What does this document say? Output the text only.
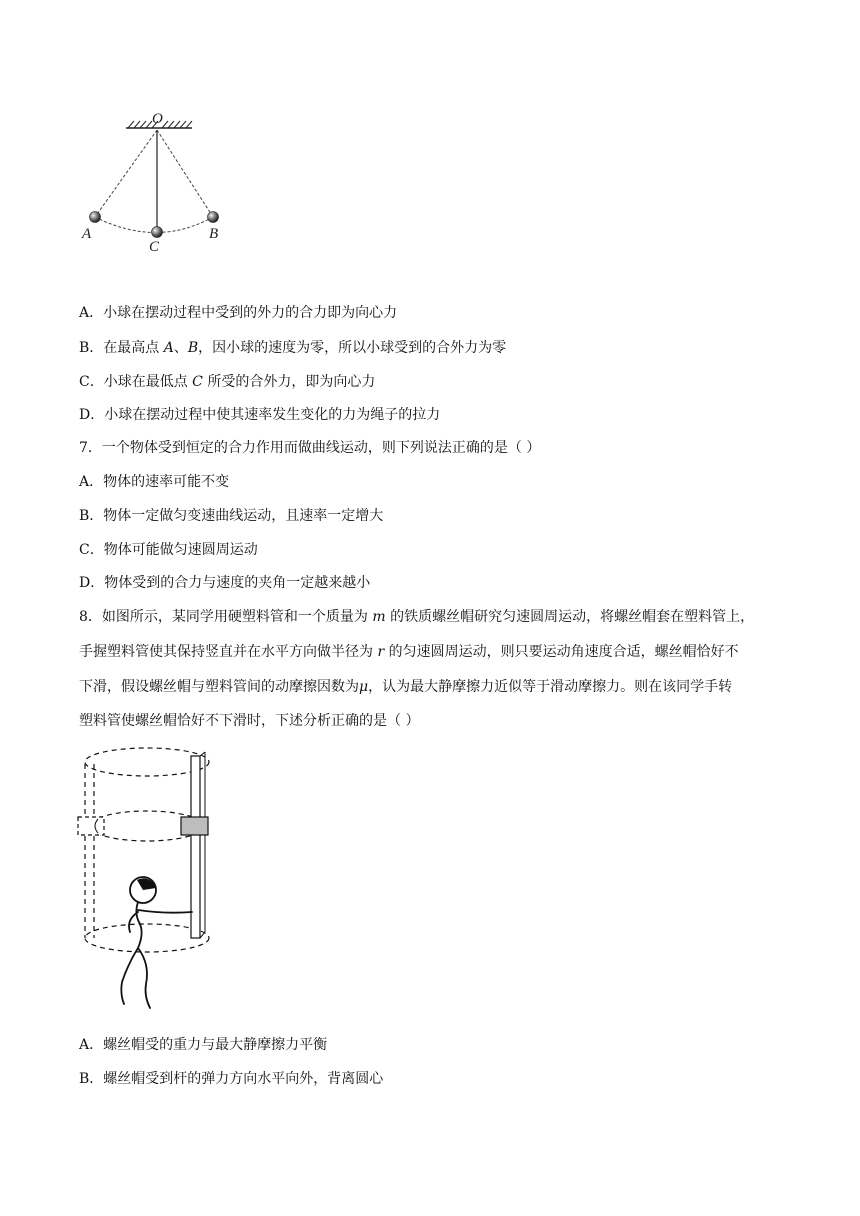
O
A
C
B
A．小球在摆动过程中受到的外力的合力即为向心力
B．在最高点 A、B，因小球的速度为零，所以小球受到的合外力为零
C．小球在最低点 C 所受的合外力，即为向心力
D．小球在摆动过程中使其速率发生变化的力为绳子的拉力
7．一个物体受到恒定的合力作用而做曲线运动，则下列说法正确的是（ ）
A．物体的速率可能不变
B．物体一定做匀变速曲线运动，且速率一定增大
C．物体可能做匀速圆周运动
D．物体受到的合力与速度的夹角一定越来越小
8．如图所示，某同学用硬塑料管和一个质量为 m 的铁质螺丝帽研究匀速圆周运动，将螺丝帽套在塑料管上，
手握塑料管使其保持竖直并在水平方向做半径为 r 的匀速圆周运动，则只要运动角速度合适，螺丝帽恰好不
下滑，假设螺丝帽与塑料管间的动摩擦因数为μ，认为最大静摩擦力近似等于滑动摩擦力。则在该同学手转
塑料管使螺丝帽恰好不下滑时，下述分析正确的是（ ）
A．螺丝帽受的重力与最大静摩擦力平衡
B．螺丝帽受到杆的弹力方向水平向外，背离圆心
